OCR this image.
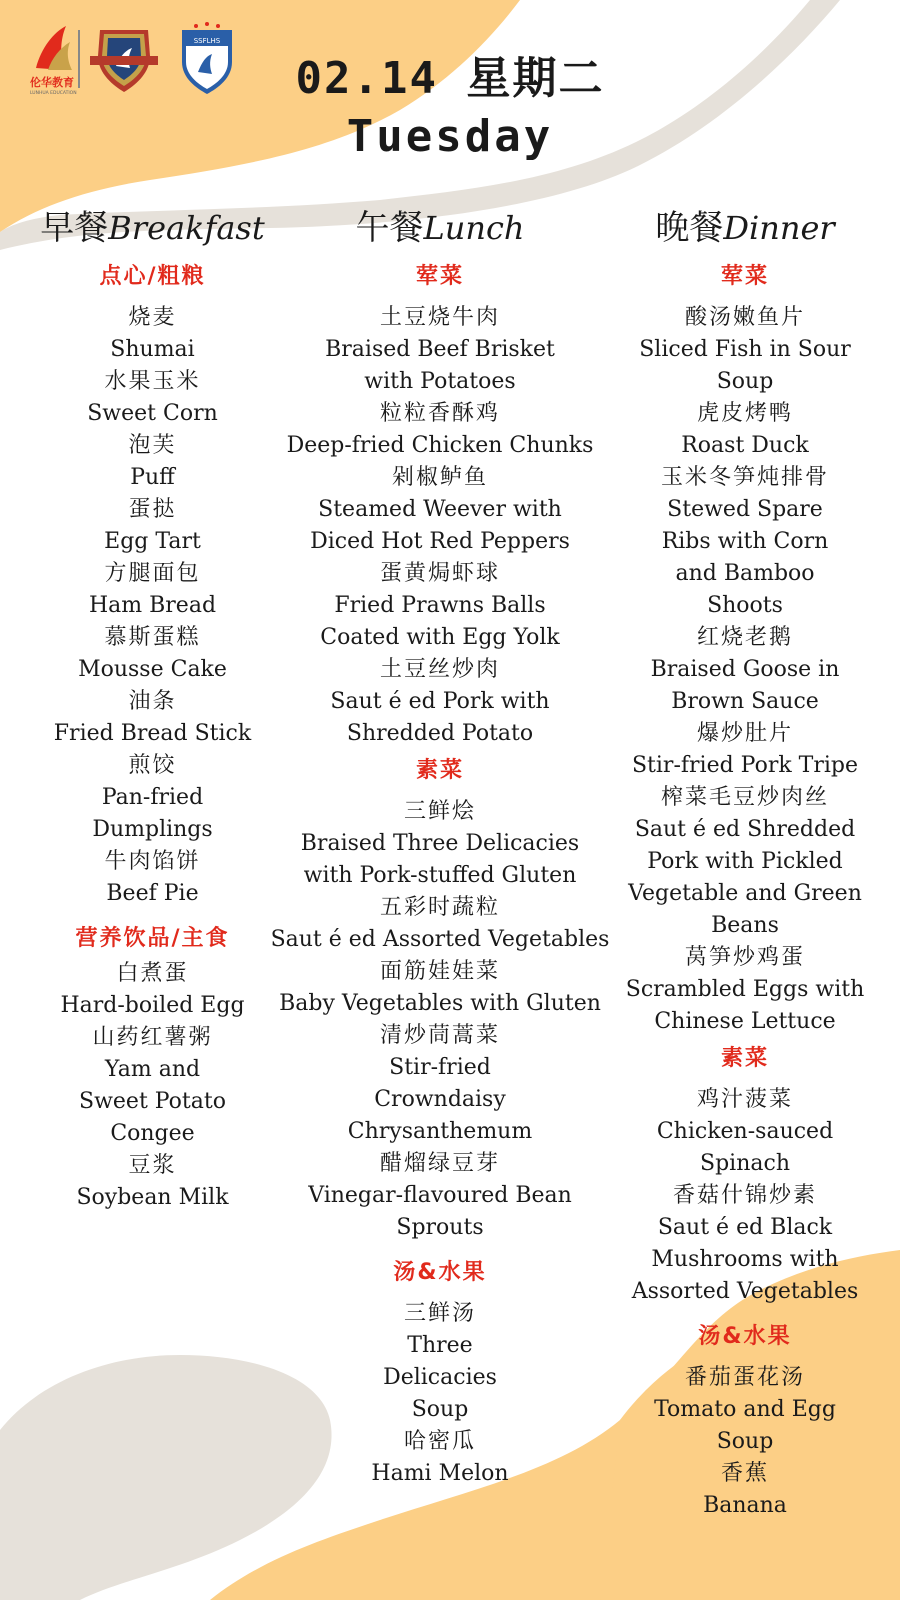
伦华教育
LUNHUA EDUCATION
SSFLHS
02.14 星期二
Tuesday
早餐Breakfast
点心/粗粮
烧麦
Shumai
水果玉米
Sweet Corn
泡芙
Puff
蛋挞
Egg Tart
方腿面包
Ham Bread
慕斯蛋糕
Mousse Cake
油条
Fried Bread Stick
煎饺
Pan-fried Dumplings
牛肉馅饼
Beef Pie
营养饮品/主食
白煮蛋
Hard-boiled Egg
山药红薯粥
Yam and Sweet Potato Congee
豆浆
Soybean Milk
午餐Lunch
荤菜
土豆烧牛肉
Braised Beef Brisket with Potatoes
粒粒香酥鸡
Deep-fried Chicken Chunks
剁椒鲈鱼
Steamed Weever with Diced Hot Red Peppers
蛋黄焗虾球
Fried Prawns Balls Coated with Egg Yolk
土豆丝炒肉
Saut é ed Pork with Shredded Potato
素菜
三鲜烩
Braised Three Delicacies with Pork-stuffed Gluten
五彩时蔬粒
Saut é ed Assorted Vegetables
面筋娃娃菜
Baby Vegetables with Gluten
清炒茼蒿菜
Stir-fried Crowndaisy Chrysanthemum
醋熘绿豆芽
Vinegar-flavoured Bean Sprouts
汤&水果
三鲜汤
Three Delicacies Soup
哈密瓜
Hami Melon
晚餐Dinner
荤菜
酸汤嫩鱼片
Sliced Fish in Sour Soup
虎皮烤鸭
Roast Duck
玉米冬笋炖排骨
Stewed Spare Ribs with Corn and Bamboo Shoots
红烧老鹅
Braised Goose in Brown Sauce
爆炒肚片
Stir-fried Pork Tripe
榨菜毛豆炒肉丝
Saut é ed Shredded Pork with Pickled Vegetable and Green Beans
莴笋炒鸡蛋
Scrambled Eggs with Chinese Lettuce
素菜
鸡汁菠菜
Chicken-sauced Spinach
香菇什锦炒素
Saut é ed Black Mushrooms with Assorted Vegetables
汤&水果
番茄蛋花汤
Tomato and Egg Soup
香蕉
Banana
